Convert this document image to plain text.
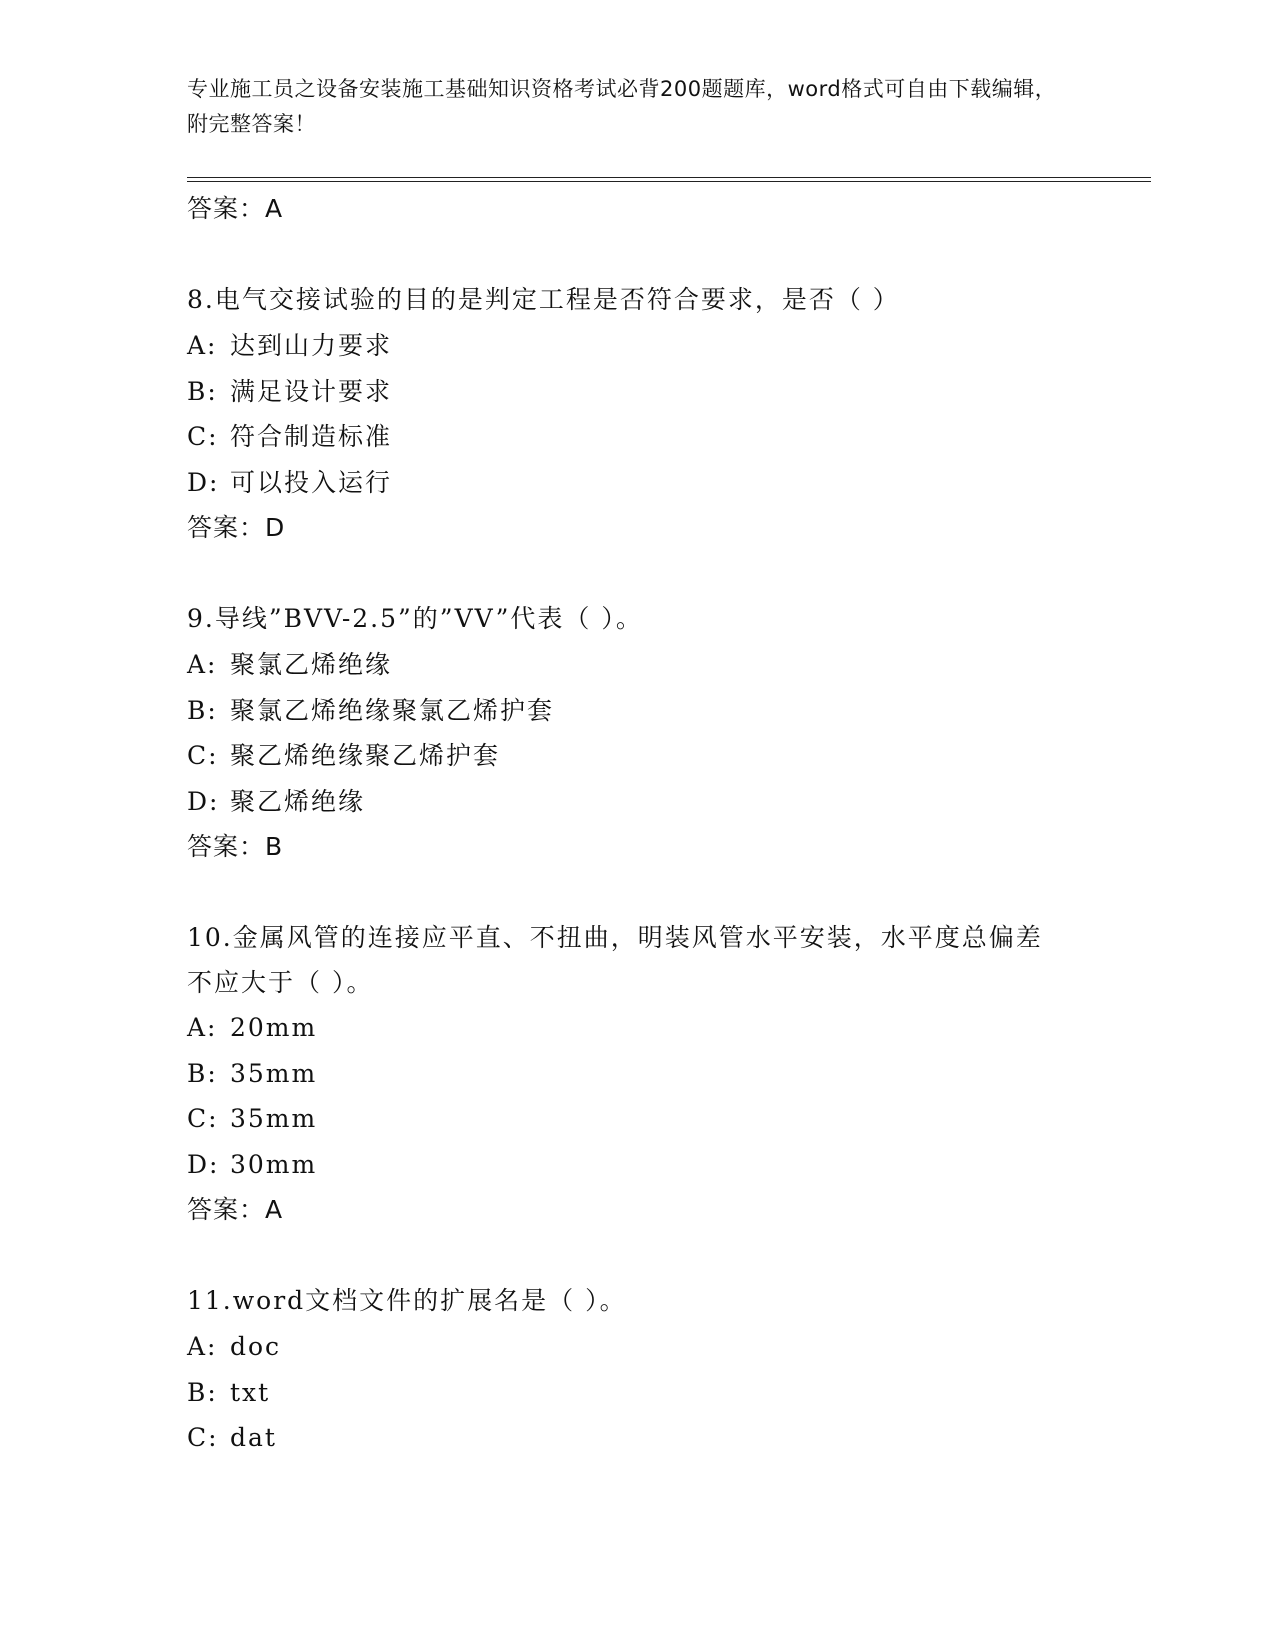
专业施工员之设备安装施工基础知识资格考试必背200题题库，word格式可自由下载编辑，附完整答案！

答案：A

8.电气交接试验的目的是判定工程是否符合要求，是否（ ）

A: 达到山力要求

B: 满足设计要求

C: 符合制造标准

D: 可以投入运行

答案：D

9.导线”BVV-2.5”的”VV”代表（ ）。

A: 聚氯乙烯绝缘

B: 聚氯乙烯绝缘聚氯乙烯护套

C: 聚乙烯绝缘聚乙烯护套

D: 聚乙烯绝缘

答案：B

10.金属风管的连接应平直、不扭曲，明装风管水平安装，水平度总偏差不应大于（ ）。

A: 20mm

B: 35mm

C: 35mm

D: 30mm

答案：A

11.word文档文件的扩展名是（ ）。

A: doc

B: txt

C: dat
